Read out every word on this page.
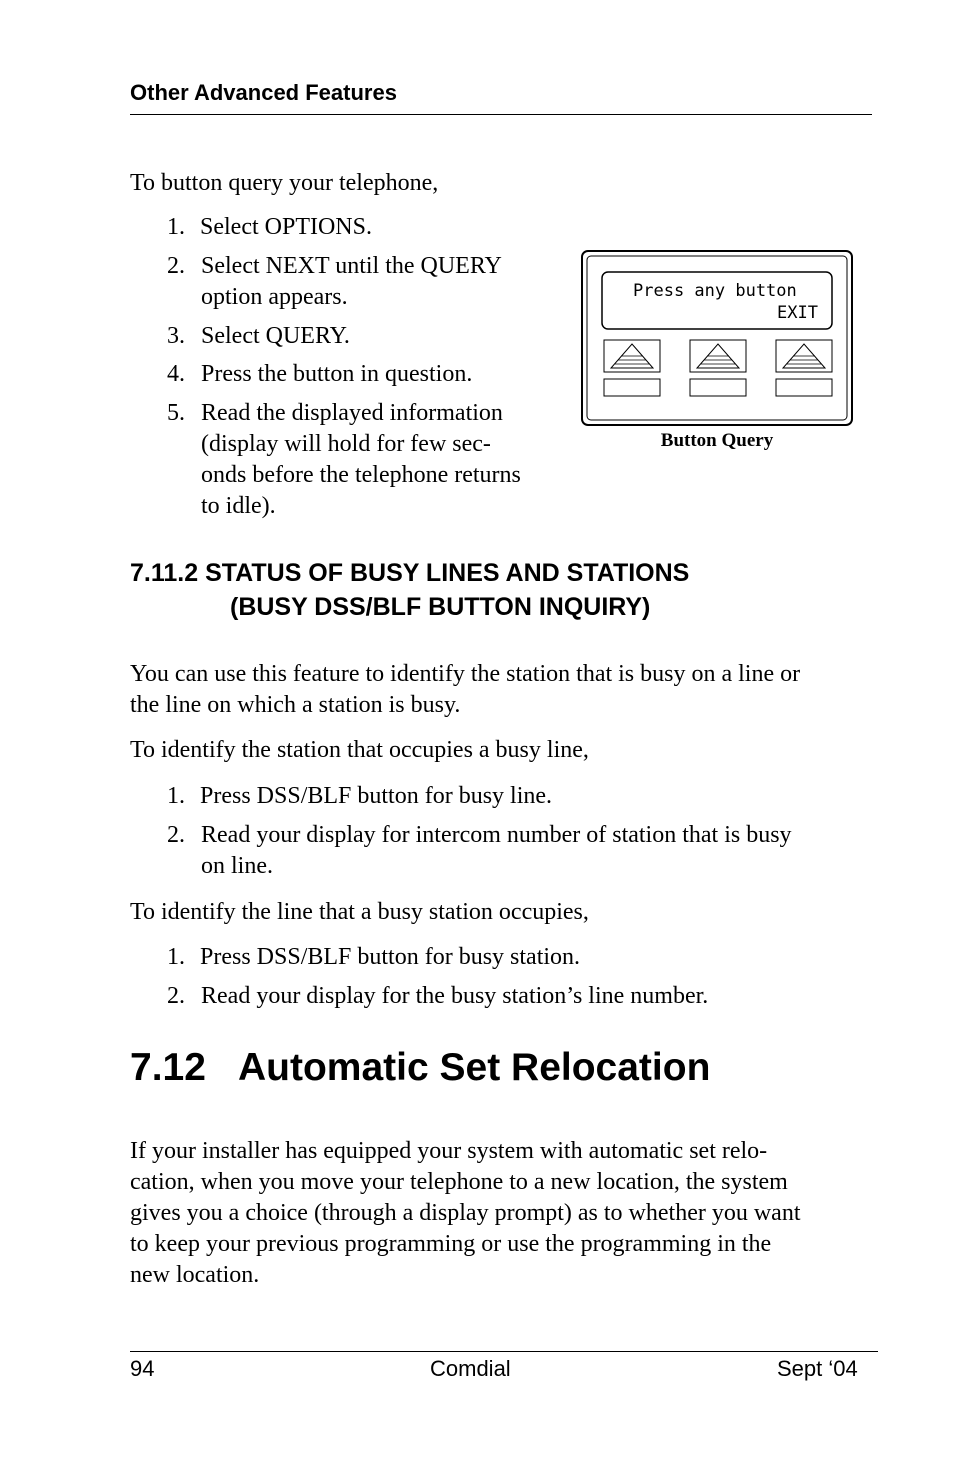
Other Advanced Features
To button query your telephone,
1. Select OPTIONS.
2. Select NEXT until the QUERY
option appears.
3. Select QUERY.
4. Press the button in question.
5. Read the displayed information
(display will hold for few sec-
onds before the telephone returns
to idle).
Press any button
EXIT
Button Query
7.11.2 STATUS OF BUSY LINES AND STATIONS
(BUSY DSS/BLF BUTTON INQUIRY)
You can use this feature to identify the station that is busy on a line or
the line on which a station is busy.
To identify the station that occupies a busy line,
1. Press DSS/BLF button for busy line.
2. Read your display for intercom number of station that is busy
on line.
To identify the line that a busy station occupies,
1. Press DSS/BLF button for busy station.
2. Read your display for the busy station’s line number.
7.12 Automatic Set Relocation
If your installer has equipped your system with automatic set relo-
cation, when you move your telephone to a new location, the system
gives you a choice (through a display prompt) as to whether you want
to keep your previous programming or use the programming in the
new location.
94	Comdial	Sept ‘04
